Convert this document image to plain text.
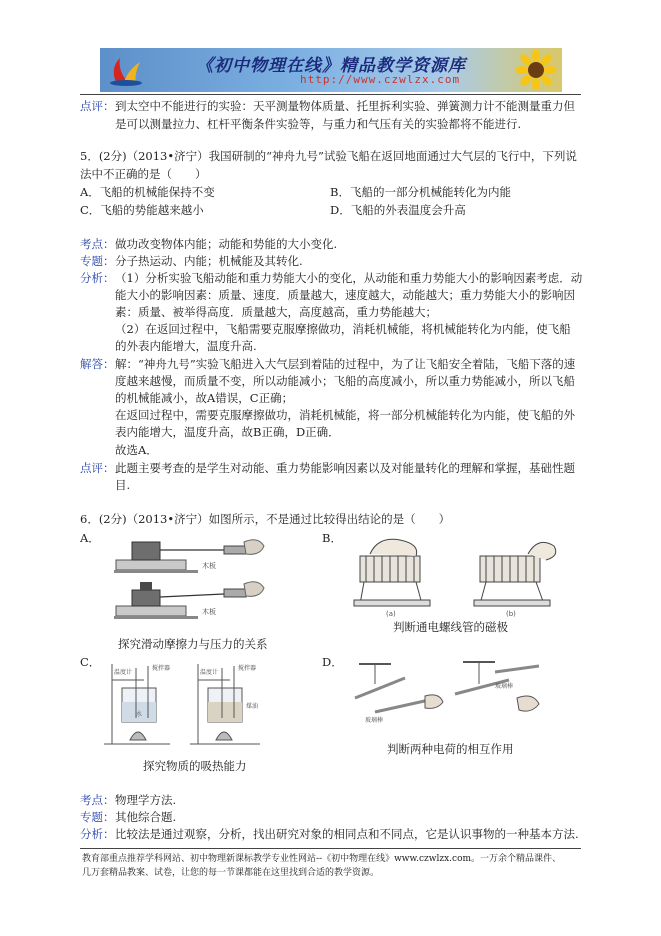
《初中物理在线》精品教学资源库
http://www.czwlzx.com
点评： 到太空中不能进行的实验：天平测量物体质量、托里拆利实验、弹簧测力计不能测量重力但
是可以测量拉力、杠杆平衡条件实验等，与重力和气压有关的实验都将不能进行.
5．(2分)（2013•济宁）我国研制的“神舟九号”试验飞船在返回地面通过大气层的飞行中，下列说
法中不正确的是（　　）
A．飞船的机械能保持不变	B．飞船的一部分机械能转化为内能
C．飞船的势能越来越小	D．飞船的外表温度会升高
考点： 做功改变物体内能；动能和势能的大小变化.
专题： 分子热运动、内能；机械能及其转化.
分析： （1）分析实验飞船动能和重力势能大小的变化，从动能和重力势能大小的影响因素考虑．动
能大小的影响因素：质量、速度．质量越大，速度越大，动能越大；重力势能大小的影响因
素：质量、被举得高度．质量越大，高度越高，重力势能越大；
（2）在返回过程中，飞船需要克服摩擦做功，消耗机械能，将机械能转化为内能，使飞船
的外表内能增大，温度升高.
解答： 解：“神舟九号”实验飞船进入大气层到着陆的过程中，为了让飞船安全着陆，飞船下落的速
度越来越慢，而质量不变，所以动能减小；飞船的高度减小，所以重力势能减小，所以飞船
的机械能减小，故A错误，C正确；
在返回过程中，需要克服摩擦做功，消耗机械能，将一部分机械能转化为内能，使飞船的外
表内能增大，温度升高，故B正确，D正确．
故选A．
点评： 此题主要考查的是学生对动能、重力势能影响因素以及对能量转化的理解和掌握，基础性题
目.
6．(2分)（2013•济宁）如图所示，不是通过比较得出结论的是（　　）
A．	B．
木板
木板
探究滑动摩擦力与压力的关系
(a)	(b)
判断通电螺线管的磁极
C．	D．
温度计
搅拌器
水
温度计
搅拌器
煤油
探究物质的吸热能力
玻璃棒
玻璃棒
判断两种电荷的相互作用
考点： 物理学方法.
专题： 其他综合题.
分析： 比较法是通过观察，分析，找出研究对象的相同点和不同点，它是认识事物的一种基本方法.
教育部重点推荐学科网站、初中物理新课标教学专业性网站--《初中物理在线》www.czwlzx.com。一万余个精品课件、
几万套精品教案、试卷，让您的每一节课都能在这里找到合适的教学资源。
